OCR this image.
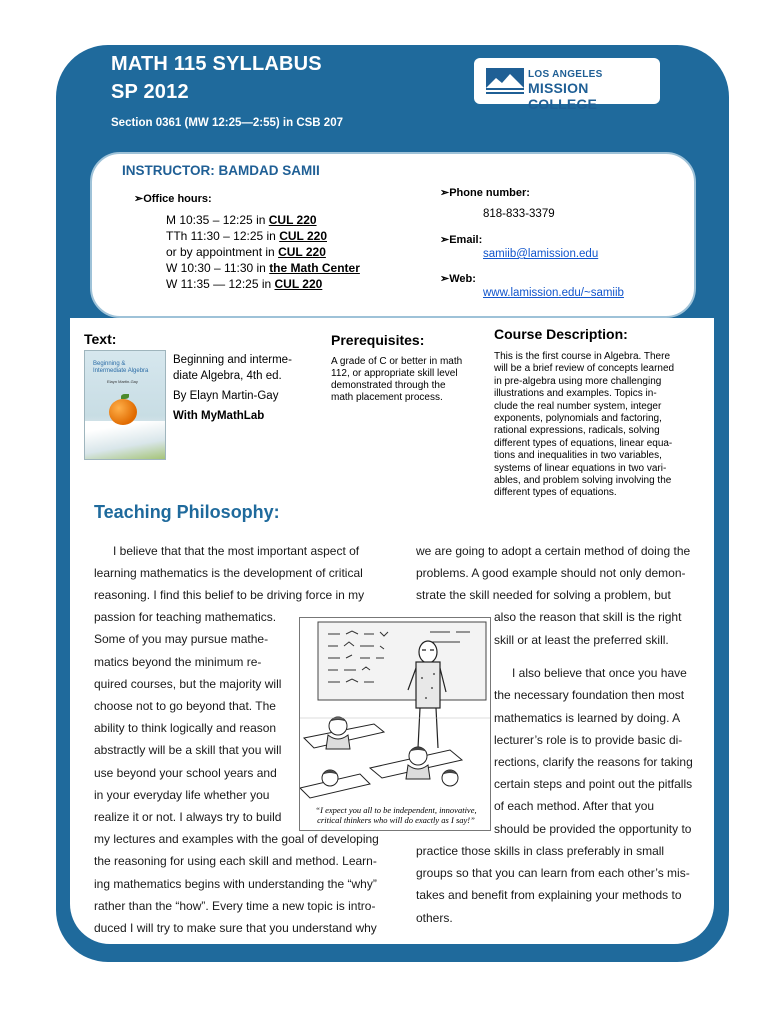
MATH 115 SYLLABUS
SP 2012
Section 0361 (MW 12:25—2:55) in CSB 207
LOS ANGELES
MISSION COLLEGE
INSTRUCTOR: BAMDAD SAMII
➢Office hours:
M 10:35 – 12:25 in CUL 220
TTh 11:30 – 12:25 in CUL 220
or by appointment in CUL 220
W 10:30 – 11:30 in the Math Center
W 11:35 — 12:25 in CUL 220
➢Phone number:
818-833-3379
➢Email:
samiib@lamission.edu
➢Web:
www.lamission.edu/~samiib
Text:
Beginning & Intermediate Algebra
Elayn Martin-Gay
Beginning and interme-
diate Algebra, 4th ed.
By Elayn Martin-Gay
With MyMathLab
Prerequisites:
A grade of C or better in math
112, or appropriate skill level
demonstrated through the
math placement process.
Course Description:
This is the first course in Algebra. There
will be a brief review of concepts learned
in pre-algebra using more challenging
illustrations and examples. Topics in-
clude the real number system, integer
exponents, polynomials and factoring,
rational expressions, radicals, solving
different types of equations, linear equa-
tions and inequalities in two variables,
systems of linear equations in two vari-
ables, and problem solving involving the
different types of equations.
Teaching Philosophy:
I believe that that the most important aspect of
learning mathematics is the development of critical
reasoning. I find this belief to be driving force in my
passion for teaching mathematics.
Some of you may pursue mathe-
matics beyond the minimum re-
quired courses, but the majority will
choose not to go beyond that. The
ability to think logically and reason
abstractly will be a skill that you will
use beyond your school years and
in your everyday life whether you
realize it or not. I always try to build
my lectures and examples with the goal of developing
the reasoning for using each skill and method. Learn-
ing mathematics begins with understanding the “why”
rather than the “how”. Every time a new topic is intro-
duced I will try to make sure that you understand why
we are going to adopt a certain method of doing the
problems. A good example should not only demon-
strate the skill needed for solving a problem, but
also the reason that skill is the right
skill or at least the preferred skill.
I also believe that once you have
the necessary foundation then most
mathematics is learned by doing. A
lecturer’s role is to provide basic di-
rections, clarify the reasons for taking
certain steps and point out the pitfalls
of each method. After that you
should be provided the opportunity to
practice those skills in class preferably in small
groups so that you can learn from each other’s mis-
takes and benefit from explaining your methods to
others.
“I expect you all to be independent, innovative,
critical thinkers who will do exactly as I say!”
